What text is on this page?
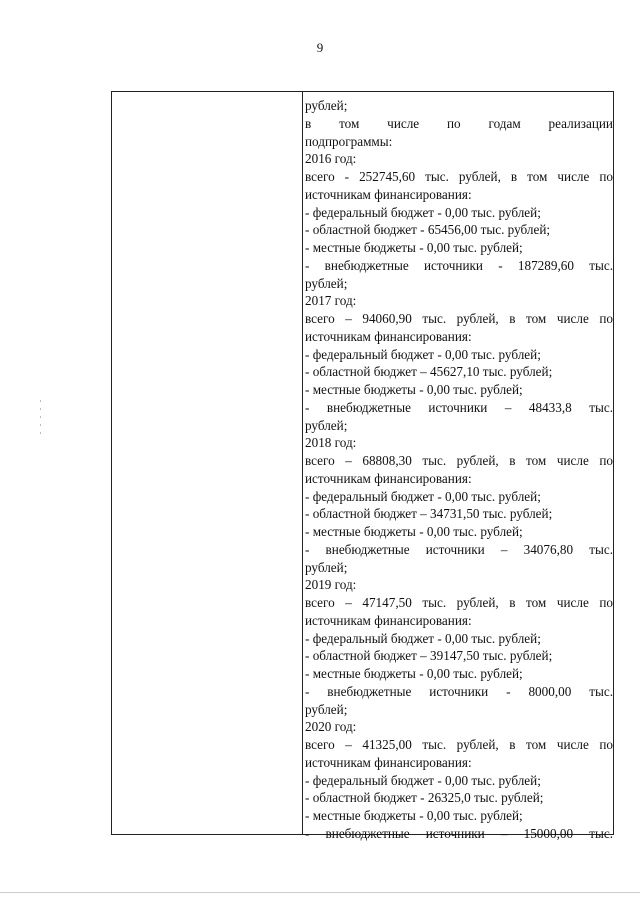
9
рублей;
в том числе по годам реализации
подпрограммы:
2016 год:
всего - 252745,60 тыс. рублей, в том числе по
источникам финансирования:
- федеральный бюджет - 0,00 тыс. рублей;
- областной бюджет - 65456,00 тыс. рублей;
- местные бюджеты - 0,00 тыс. рублей;
- внебюджетные источники - 187289,60 тыс.
рублей;
2017 год:
всего – 94060,90 тыс. рублей, в том числе по
источникам финансирования:
- федеральный бюджет - 0,00 тыс. рублей;
- областной бюджет – 45627,10 тыс. рублей;
- местные бюджеты - 0,00 тыс. рублей;
- внебюджетные источники – 48433,8 тыс.
рублей;
2018 год:
всего – 68808,30 тыс. рублей, в том числе по
источникам финансирования:
- федеральный бюджет - 0,00 тыс. рублей;
- областной бюджет – 34731,50 тыс. рублей;
- местные бюджеты - 0,00 тыс. рублей;
- внебюджетные источники – 34076,80 тыс.
рублей;
2019 год:
всего – 47147,50 тыс. рублей, в том числе по
источникам финансирования:
- федеральный бюджет - 0,00 тыс. рублей;
- областной бюджет – 39147,50 тыс. рублей;
- местные бюджеты - 0,00 тыс. рублей;
- внебюджетные источники - 8000,00 тыс.
рублей;
2020 год:
всего – 41325,00 тыс. рублей, в том числе по
источникам финансирования:
- федеральный бюджет - 0,00 тыс. рублей;
- областной бюджет - 26325,0 тыс. рублей;
- местные бюджеты - 0,00 тыс. рублей;
- внебюджетные источники – 15000,00 тыс.
